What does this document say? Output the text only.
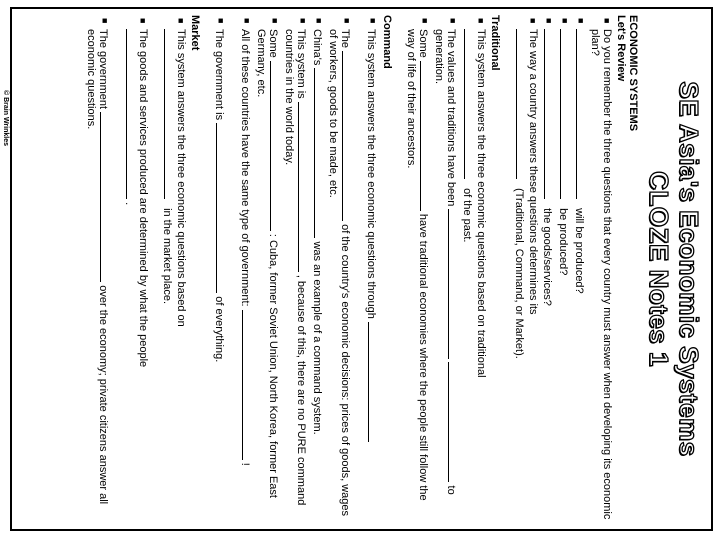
SE Asia's Economic Systems
CLOZE Notes 1

ECONOMIC SYSTEMS

Let's Review

■
Do you remember the three questions that every country must answer when developing its economic plan?
■
will be produced?
■
be produced?
■
the goods/services?
■
The way a country answers these questions determines its
(Traditional, Command, or Market).

Traditional

■
This system answers the three economic questions based on traditional
of the past.
■
The values and traditions have been   to generation.
■
Some  have traditional economies where the people still follow the way of life of their ancestors.

Command

■
This system answers the three economic questions through
■
The  of the country's economic decisions: prices of goods, wages of workers, goods to be made, etc.
■
China's  was an example of a command system.
■
This system is  , because of this, there are no PURE command countries in the world today.
■
Some  : Cuba, former Soviet Union, North Korea, former East Germany, etc.
■
All of these countries have the same type of government:  !
■
The government is  of everything.

Market

■
This system answers the three economic questions based on
in the market place.
■
The goods and services produced are determined by what the people
.
■
The government  over the economy; private citizens answer all economic questions.
© Brain Wrinkles
